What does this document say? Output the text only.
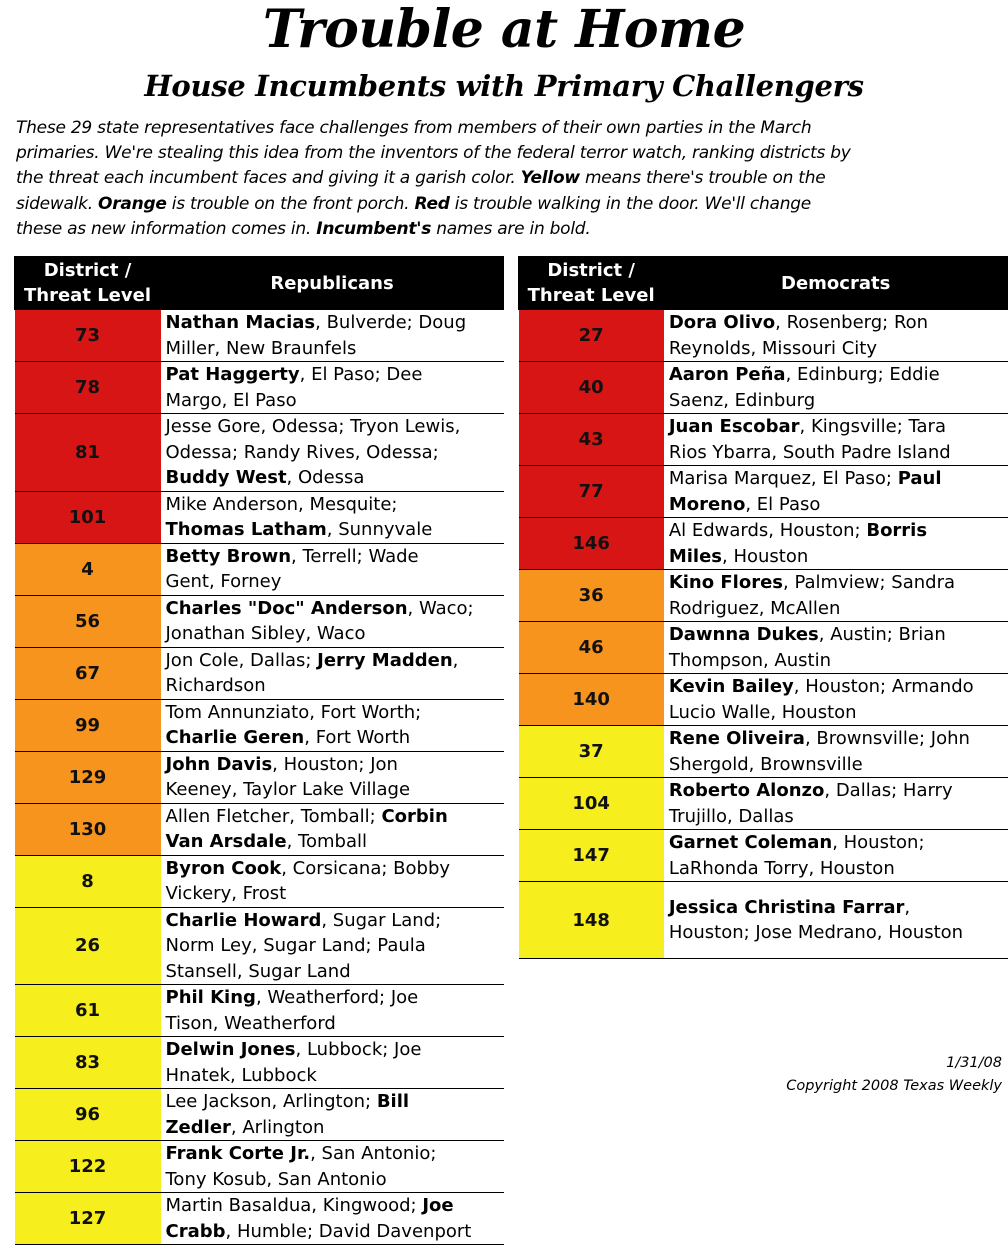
Trouble at Home
House Incumbents with Primary Challengers
These 29 state representatives face challenges from members of their own parties in the March
primaries. We're stealing this idea from the inventors of the federal terror watch, ranking districts by
the threat each incumbent faces and giving it a garish color. Yellow means there's trouble on the
sidewalk. Orange is trouble on the front porch. Red is trouble walking in the door. We'll change
these as new information comes in. Incumbent's names are in bold.
District /
Threat Level	Republicans
73	Nathan Macias, Bulverde; Doug
Miller, New Braunfels
78	Pat Haggerty, El Paso; Dee
Margo, El Paso
81	Jesse Gore, Odessa; Tryon Lewis,
Odessa; Randy Rives, Odessa;
Buddy West, Odessa
101	Mike Anderson, Mesquite;
Thomas Latham, Sunnyvale
4	Betty Brown, Terrell; Wade
Gent, Forney
56	Charles "Doc" Anderson, Waco;
Jonathan Sibley, Waco
67	Jon Cole, Dallas; Jerry Madden,
Richardson
99	Tom Annunziato, Fort Worth;
Charlie Geren, Fort Worth
129	John Davis, Houston; Jon
Keeney, Taylor Lake Village
130	Allen Fletcher, Tomball; Corbin
Van Arsdale, Tomball
8	Byron Cook, Corsicana; Bobby
Vickery, Frost
26	Charlie Howard, Sugar Land;
Norm Ley, Sugar Land; Paula
Stansell, Sugar Land
61	Phil King, Weatherford; Joe
Tison, Weatherford
83	Delwin Jones, Lubbock; Joe
Hnatek, Lubbock
96	Lee Jackson, Arlington; Bill
Zedler, Arlington
122	Frank Corte Jr., San Antonio;
Tony Kosub, San Antonio
127	Martin Basaldua, Kingwood; Joe
Crabb, Humble; David Davenport
District /
Threat Level	Democrats
27	Dora Olivo, Rosenberg; Ron
Reynolds, Missouri City
40	Aaron Peña, Edinburg; Eddie
Saenz, Edinburg
43	Juan Escobar, Kingsville; Tara
Rios Ybarra, South Padre Island
77	Marisa Marquez, El Paso; Paul
Moreno, El Paso
146	Al Edwards, Houston; Borris
Miles, Houston
36	Kino Flores, Palmview; Sandra
Rodriguez, McAllen
46	Dawnna Dukes, Austin; Brian
Thompson, Austin
140	Kevin Bailey, Houston; Armando
Lucio Walle, Houston
37	Rene Oliveira, Brownsville; John
Shergold, Brownsville
104	Roberto Alonzo, Dallas; Harry
Trujillo, Dallas
147	Garnet Coleman, Houston;
LaRhonda Torry, Houston
148	Jessica Christina Farrar,
Houston; Jose Medrano, Houston
1/31/08
Copyright 2008 Texas Weekly
